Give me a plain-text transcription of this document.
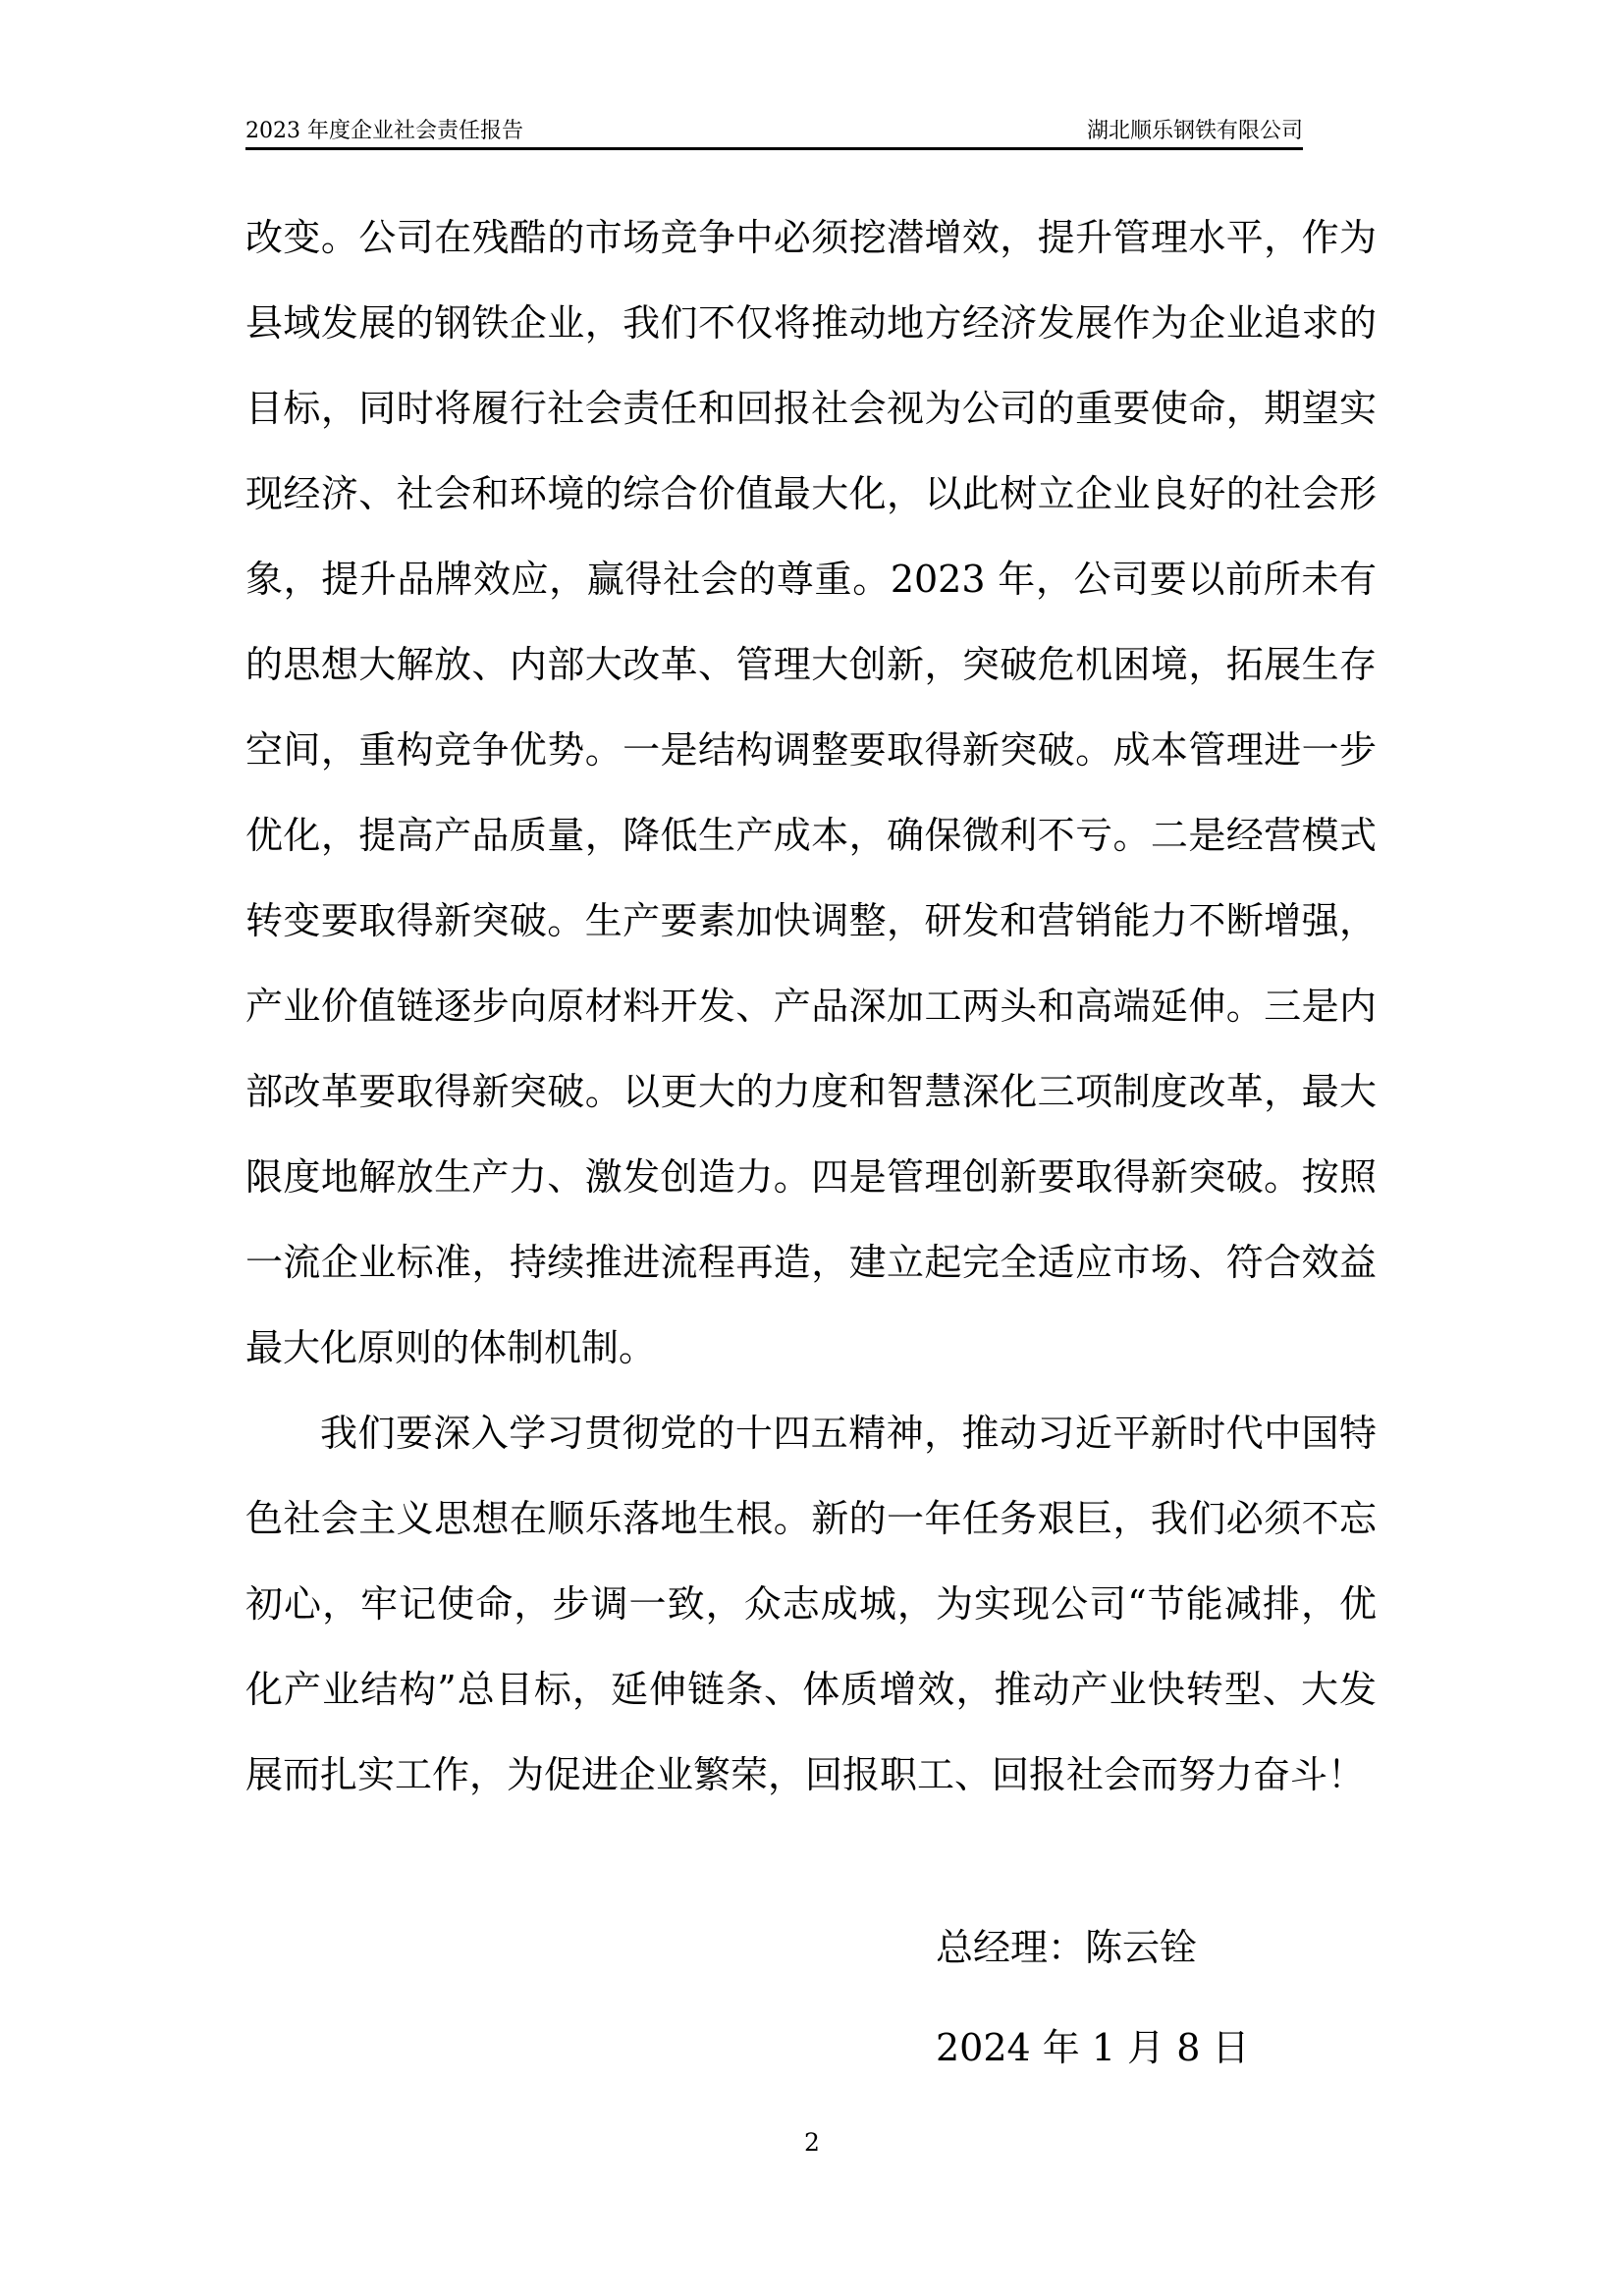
2023 年度企业社会责任报告	湖北顺乐钢铁有限公司
改变。公司在残酷的市场竞争中必须挖潜增效，提升管理水平，作为
县域发展的钢铁企业，我们不仅将推动地方经济发展作为企业追求的
目标，同时将履行社会责任和回报社会视为公司的重要使命，期望实
现经济、社会和环境的综合价值最大化，以此树立企业良好的社会形
象，提升品牌效应，赢得社会的尊重。2023 年，公司要以前所未有
的思想大解放、内部大改革、管理大创新，突破危机困境，拓展生存
空间，重构竞争优势。一是结构调整要取得新突破。成本管理进一步
优化，提高产品质量，降低生产成本，确保微利不亏。二是经营模式
转变要取得新突破。生产要素加快调整，研发和营销能力不断增强，
产业价值链逐步向原材料开发、产品深加工两头和高端延伸。三是内
部改革要取得新突破。以更大的力度和智慧深化三项制度改革，最大
限度地解放生产力、激发创造力。四是管理创新要取得新突破。按照
一流企业标准，持续推进流程再造，建立起完全适应市场、符合效益
最大化原则的体制机制。
我们要深入学习贯彻党的十四五精神，推动习近平新时代中国特
色社会主义思想在顺乐落地生根。新的一年任务艰巨，我们必须不忘
初心，牢记使命，步调一致，众志成城，为实现公司“节能减排，优
化产业结构”总目标，延伸链条、体质增效，推动产业快转型、大发
展而扎实工作，为促进企业繁荣，回报职工、回报社会而努力奋斗！
总经理：陈云铨
2024 年 1 月 8 日
2
